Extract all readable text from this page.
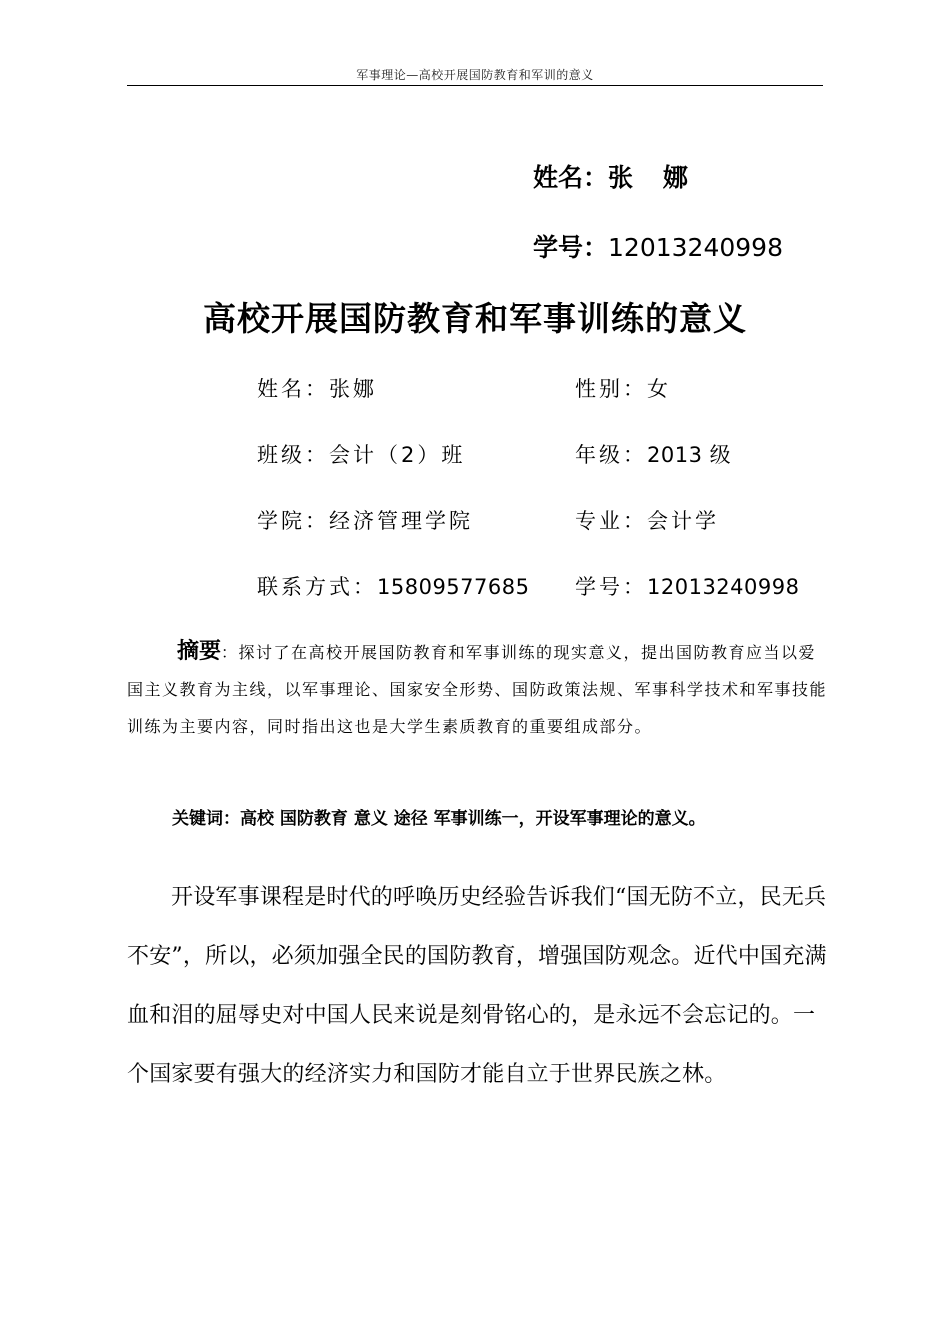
军事理论—高校开展国防教育和军训的意义
姓名：张娜
学号：12013240998
高校开展国防教育和军事训练的意义
姓名：张娜	性别：女
班级：会计（2）班	年级：2013 级
学院：经济管理学院	专业：会计学
联系方式：15809577685 学号：12013240998
摘要：探讨了在高校开展国防教育和军事训练的现实意义，提出国防教育应当以爱国主义教育为主线，以军事理论、国家安全形势、国防政策法规、军事科学技术和军事技能训练为主要内容，同时指出这也是大学生素质教育的重要组成部分。
关键词：高校 国防教育 意义 途径 军事训练一，开设军事理论的意义。
开设军事课程是时代的呼唤历史经验告诉我们“国无防不立，民无兵不安”，所以，必须加强全民的国防教育，增强国防观念。近代中国充满血和泪的屈辱史对中国人民来说是刻骨铭心的，是永远不会忘记的。一个国家要有强大的经济实力和国防才能自立于世界民族之林。
